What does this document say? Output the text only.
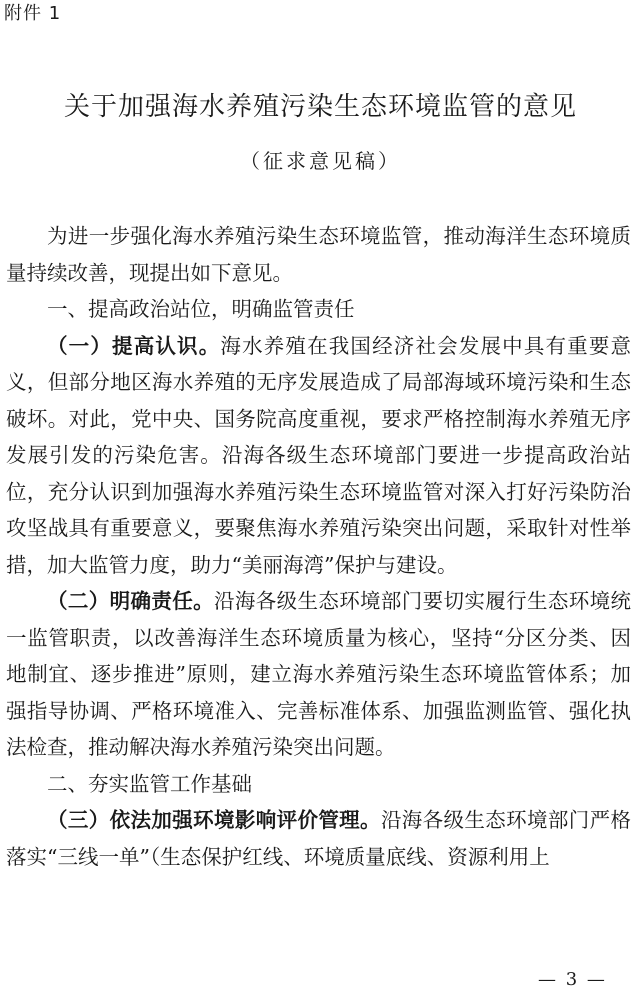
附件 1
关于加强海水养殖污染生态环境监管的意见
（征求意见稿）

为进一步强化海水养殖污染生态环境监管，推动海洋生态环境质量持续改善，现提出如下意见。

一、提高政治站位，明确监管责任

（一）提高认识。海水养殖在我国经济社会发展中具有重要意义，但部分地区海水养殖的无序发展造成了局部海域环境污染和生态破坏。对此，党中央、国务院高度重视，要求严格控制海水养殖无序发展引发的污染危害。沿海各级生态环境部门要进一步提高政治站位，充分认识到加强海水养殖污染生态环境监管对深入打好污染防治攻坚战具有重要意义，要聚焦海水养殖污染突出问题，采取针对性举措，加大监管力度，助力“美丽海湾”保护与建设。

（二）明确责任。沿海各级生态环境部门要切实履行生态环境统一监管职责，以改善海洋生态环境质量为核心，坚持“分区分类、因地制宜、逐步推进”原则，建立海水养殖污染生态环境监管体系；加强指导协调、严格环境准入、完善标准体系、加强监测监管、强化执法检查，推动解决海水养殖污染突出问题。

二、夯实监管工作基础

（三）依法加强环境影响评价管理。沿海各级生态环境部门严格落实“三线一单”（生态保护红线、环境质量底线、资源利用上

— 3 —
